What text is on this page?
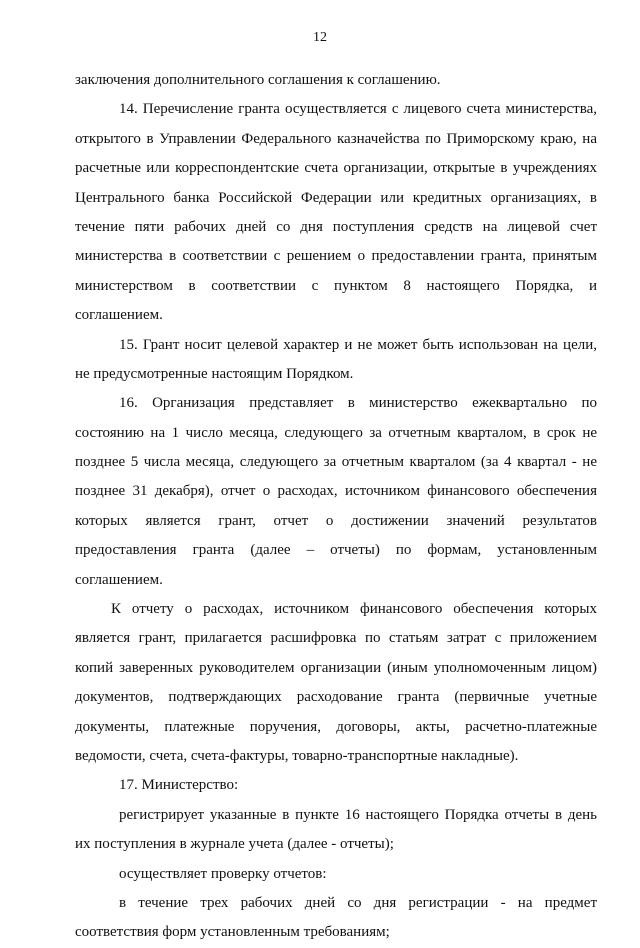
12
заключения дополнительного соглашения к соглашению.
14. Перечисление гранта осуществляется с лицевого счета министерства,
открытого в Управлении Федерального казначейства по Приморскому краю, на
расчетные или корреспондентские счета организации, открытые в учреждениях
Центрального банка Российской Федерации или кредитных организациях, в
течение пяти рабочих дней со дня поступления средств на лицевой счет
министерства в соответствии с решением о предоставлении гранта, принятым
министерством в соответствии с пунктом 8 настоящего Порядка, и
соглашением.
15. Грант носит целевой характер и не может быть использован на цели,
не предусмотренные настоящим Порядком.
16. Организация представляет в министерство ежеквартально по
состоянию на 1 число месяца, следующего за отчетным кварталом, в срок не
позднее 5 числа месяца, следующего за отчетным кварталом (за 4 квартал - не
позднее 31 декабря), отчет о расходах, источником финансового обеспечения
которых является грант, отчет о достижении значений результатов
предоставления гранта (далее – отчеты) по формам, установленным
соглашением.
К отчету о расходах, источником финансового обеспечения которых
является грант, прилагается расшифровка по статьям затрат с приложением
копий заверенных руководителем организации (иным уполномоченным лицом)
документов, подтверждающих расходование гранта (первичные учетные
документы, платежные поручения, договоры, акты, расчетно-платежные
ведомости, счета, счета-фактуры, товарно-транспортные накладные).
17. Министерство:
регистрирует указанные в пункте 16 настоящего Порядка отчеты в день
их поступления в журнале учета (далее - отчеты);
осуществляет проверку отчетов:
в течение трех рабочих дней со дня регистрации - на предмет
соответствия форм установленным требованиям;
